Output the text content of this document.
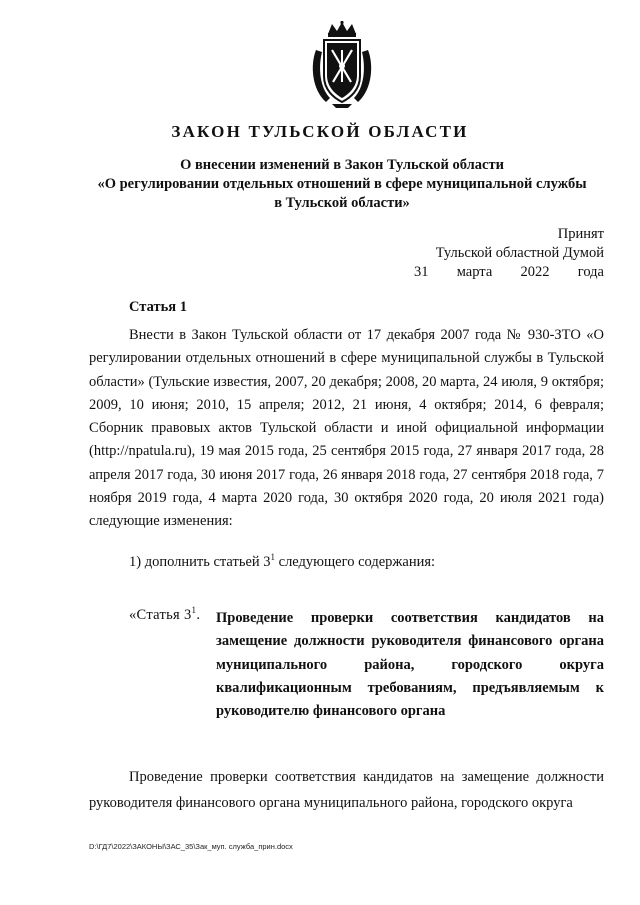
ЗАКОН ТУЛЬСКОЙ ОБЛАСТИ
О внесении изменений в Закон Тульской области
«О регулировании отдельных отношений в сфере муниципальной службы
в Тульской области»
Принят
Тульской областной Думой
31 марта 2022 года
Статья 1
Внести в Закон Тульской области от 17 декабря 2007 года № 930-ЗТО «О регулировании отдельных отношений в сфере муниципальной службы в Тульской области» (Тульские известия, 2007, 20 декабря; 2008, 20 марта, 24 июля, 9 октября; 2009, 10 июня; 2010, 15 апреля; 2012, 21 июня, 4 октября; 2014, 6 февраля; Сборник правовых актов Тульской области и иной официальной информации (http://npatula.ru), 19 мая 2015 года, 25 сентября 2015 года, 27 января 2017 года, 28 апреля 2017 года, 30 июня 2017 года, 26 января 2018 года, 27 сентября 2018 года, 7 ноября 2019 года, 4 марта 2020 года, 30 октября 2020 года, 20 июля 2021 года) следующие изменения:
1) дополнить статьей $3^1$ следующего содержания:
«Статья $3^1$. Проведение проверки соответствия кандидатов на
замещение должности руководителя финансового органа
муниципального района, городского округа
квалификационным требованиям, предъявляемым к
руководителю финансового органа
Проведение проверки соответствия кандидатов на замещение должности руководителя финансового органа муниципального района, городского округа
D:\ГД7\2022\ЗАКОНЫ\ЗАС_35\Зак_муп. служба_прин.docx
